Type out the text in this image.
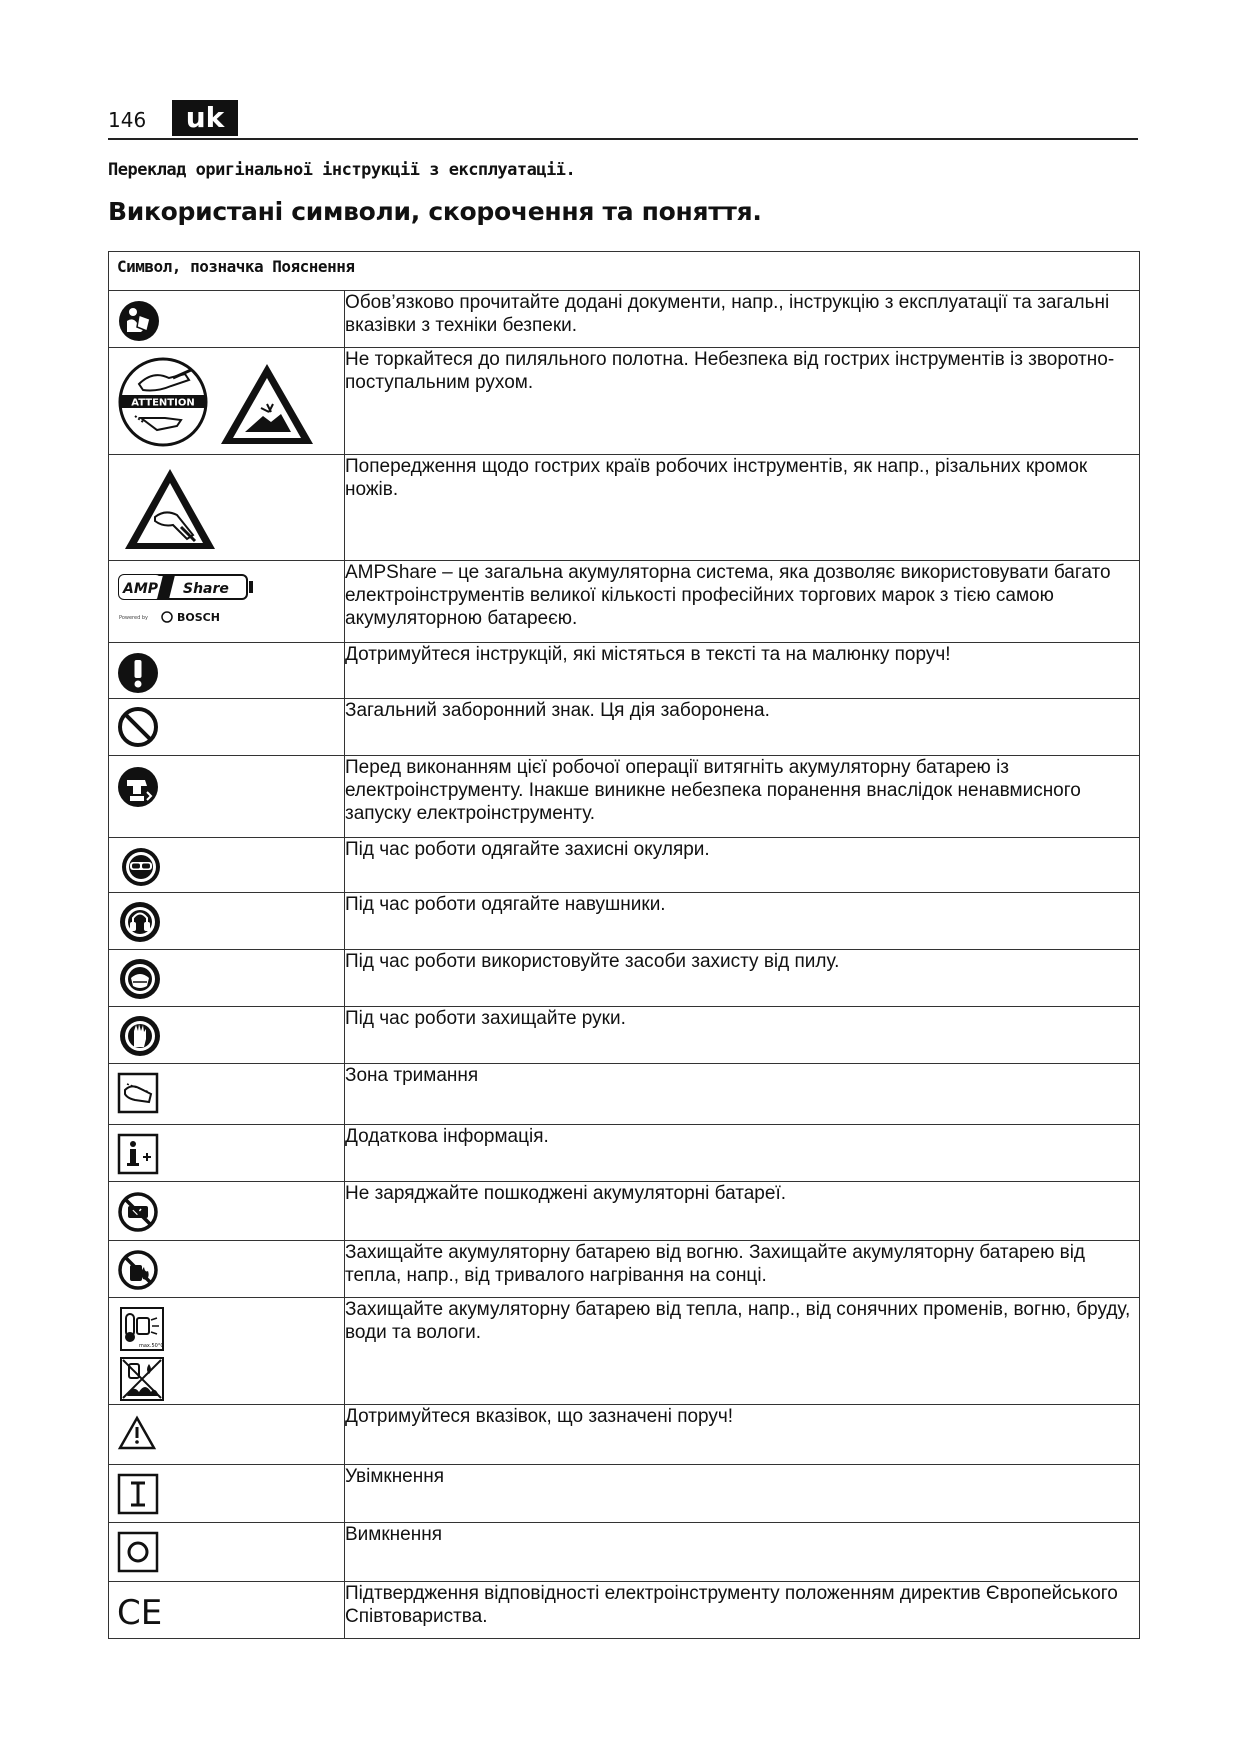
146	uk
Переклад оригінальної інструкції з експлуатації.
Використані символи, скорочення та поняття.
Символ, позначка Пояснення	

	Обов’язково прочитайте додані документи, напр., інструкцію з експлуатації та загальні вказівки з техніки безпеки.

ATTENTION	Не торкайтеся до пиляльного полотна. Небезпека від гострих інструментів із зворотно-поступальним рухом.

	Попередження щодо гострих країв робочих інструментів, як напр., різальних кромок ножів.

AMP Share
Powered by BOSCH	AMPShare – це загальна акумуляторна система, яка дозволяє використовувати багато електроінструментів великої кількості професійних торгових марок з тією самою акумуляторною батареєю.

	Дотримуйтеся інструкцій, які містяться в тексті та на малюнку поруч!

	Загальний заборонний знак. Ця дія заборонена.

	Перед виконанням цієї робочої операції витягніть акумуляторну батарею із електроінструменту. Інакше виникне небезпека поранення внаслідок ненавмисного запуску електроінструменту.

	Під час роботи одягайте захисні окуляри.

	Під час роботи одягайте навушники.

	Під час роботи використовуйте засоби захисту від пилу.

	Під час роботи захищайте руки.

	Зона тримання

	Додаткова інформація.

	Не заряджайте пошкоджені акумуляторні батареї.

	Захищайте акумуляторну батарею від вогню. Захищайте акумуляторну батарею від тепла, напр., від тривалого нагрівання на сонці.

max.50°C	Захищайте акумуляторну батарею від тепла, напр., від сонячних променів, вогню, бруду, води та вологи.

	Дотримуйтеся вказівок, що зазначені поруч!

	Увімкнення

	Вимкнення

CE	Підтвердження відповідності електроінструменту положенням директив Європейського Співтовариства.
